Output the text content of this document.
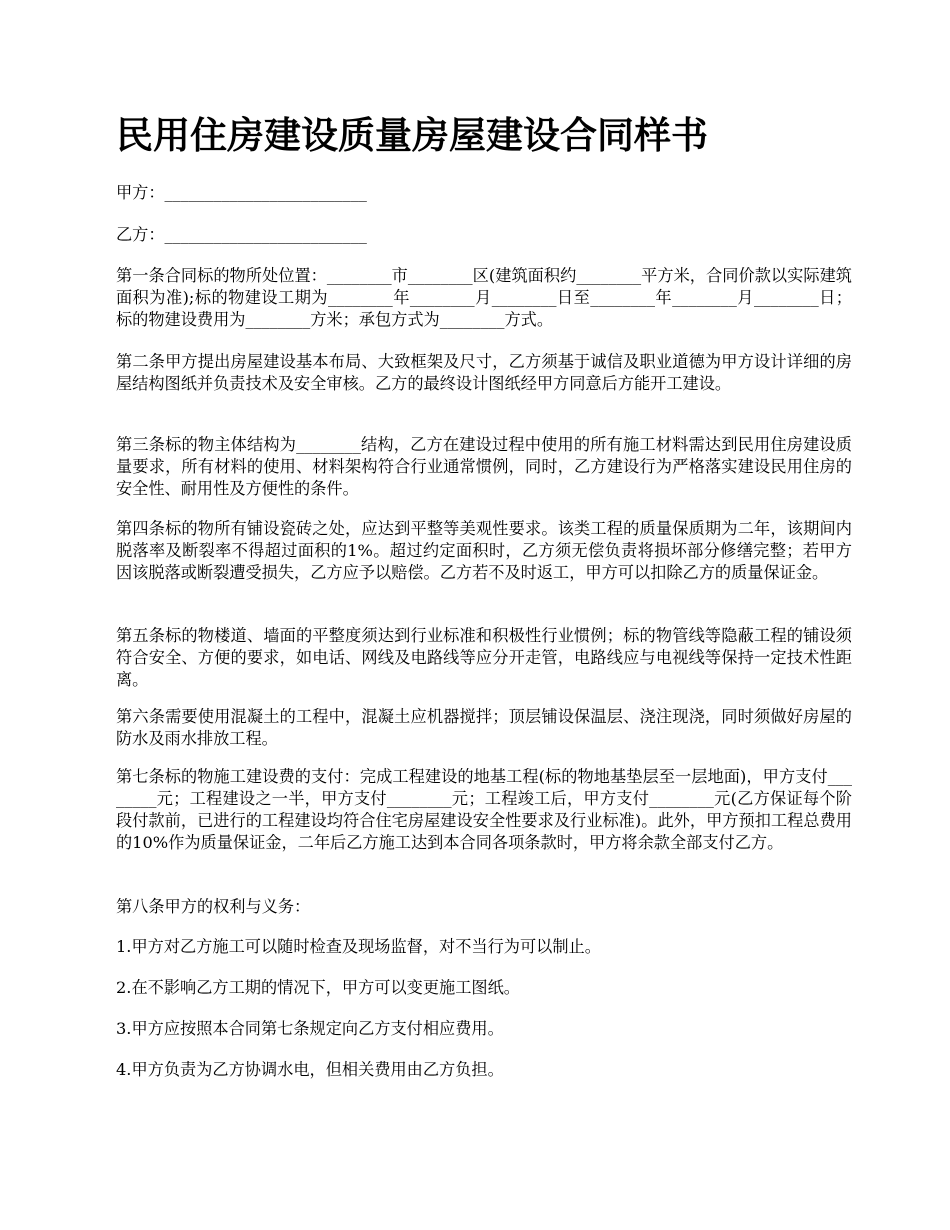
民用住房建设质量房屋建设合同样书

甲方：_________________________

乙方：_________________________

第一条合同标的物所处位置：________市________区(建筑面积约________平方米，合同价款以实际建筑面积为准);标的物建设工期为________年________月________日至________年________月________日；标的物建设费用为________方米；承包方式为________方式。

第二条甲方提出房屋建设基本布局、大致框架及尺寸，乙方须基于诚信及职业道德为甲方设计详细的房屋结构图纸并负责技术及安全审核。乙方的最终设计图纸经甲方同意后方能开工建设。

第三条标的物主体结构为________结构，乙方在建设过程中使用的所有施工材料需达到民用住房建设质量要求，所有材料的使用、材料架构符合行业通常惯例，同时，乙方建设行为严格落实建设民用住房的安全性、耐用性及方便性的条件。

第四条标的物所有铺设瓷砖之处，应达到平整等美观性要求。该类工程的质量保质期为二年，该期间内脱落率及断裂率不得超过面积的1%。超过约定面积时，乙方须无偿负责将损坏部分修缮完整；若甲方因该脱落或断裂遭受损失，乙方应予以赔偿。乙方若不及时返工，甲方可以扣除乙方的质量保证金。

第五条标的物楼道、墙面的平整度须达到行业标准和积极性行业惯例；标的物管线等隐蔽工程的铺设须符合安全、方便的要求，如电话、网线及电路线等应分开走管，电路线应与电视线等保持一定技术性距离。

第六条需要使用混凝土的工程中，混凝土应机器搅拌；顶层铺设保温层、浇注现浇，同时须做好房屋的防水及雨水排放工程。

第七条标的物施工建设费的支付：完成工程建设的地基工程(标的物地基垫层至一层地面)，甲方支付________元；工程建设之一半，甲方支付________元；工程竣工后，甲方支付________元(乙方保证每个阶段付款前，已进行的工程建设均符合住宅房屋建设安全性要求及行业标准)。此外，甲方预扣工程总费用的10%作为质量保证金，二年后乙方施工达到本合同各项条款时，甲方将余款全部支付乙方。

第八条甲方的权利与义务：

1.甲方对乙方施工可以随时检查及现场监督，对不当行为可以制止。

2.在不影响乙方工期的情况下，甲方可以变更施工图纸。

3.甲方应按照本合同第七条规定向乙方支付相应费用。

4.甲方负责为乙方协调水电，但相关费用由乙方负担。
